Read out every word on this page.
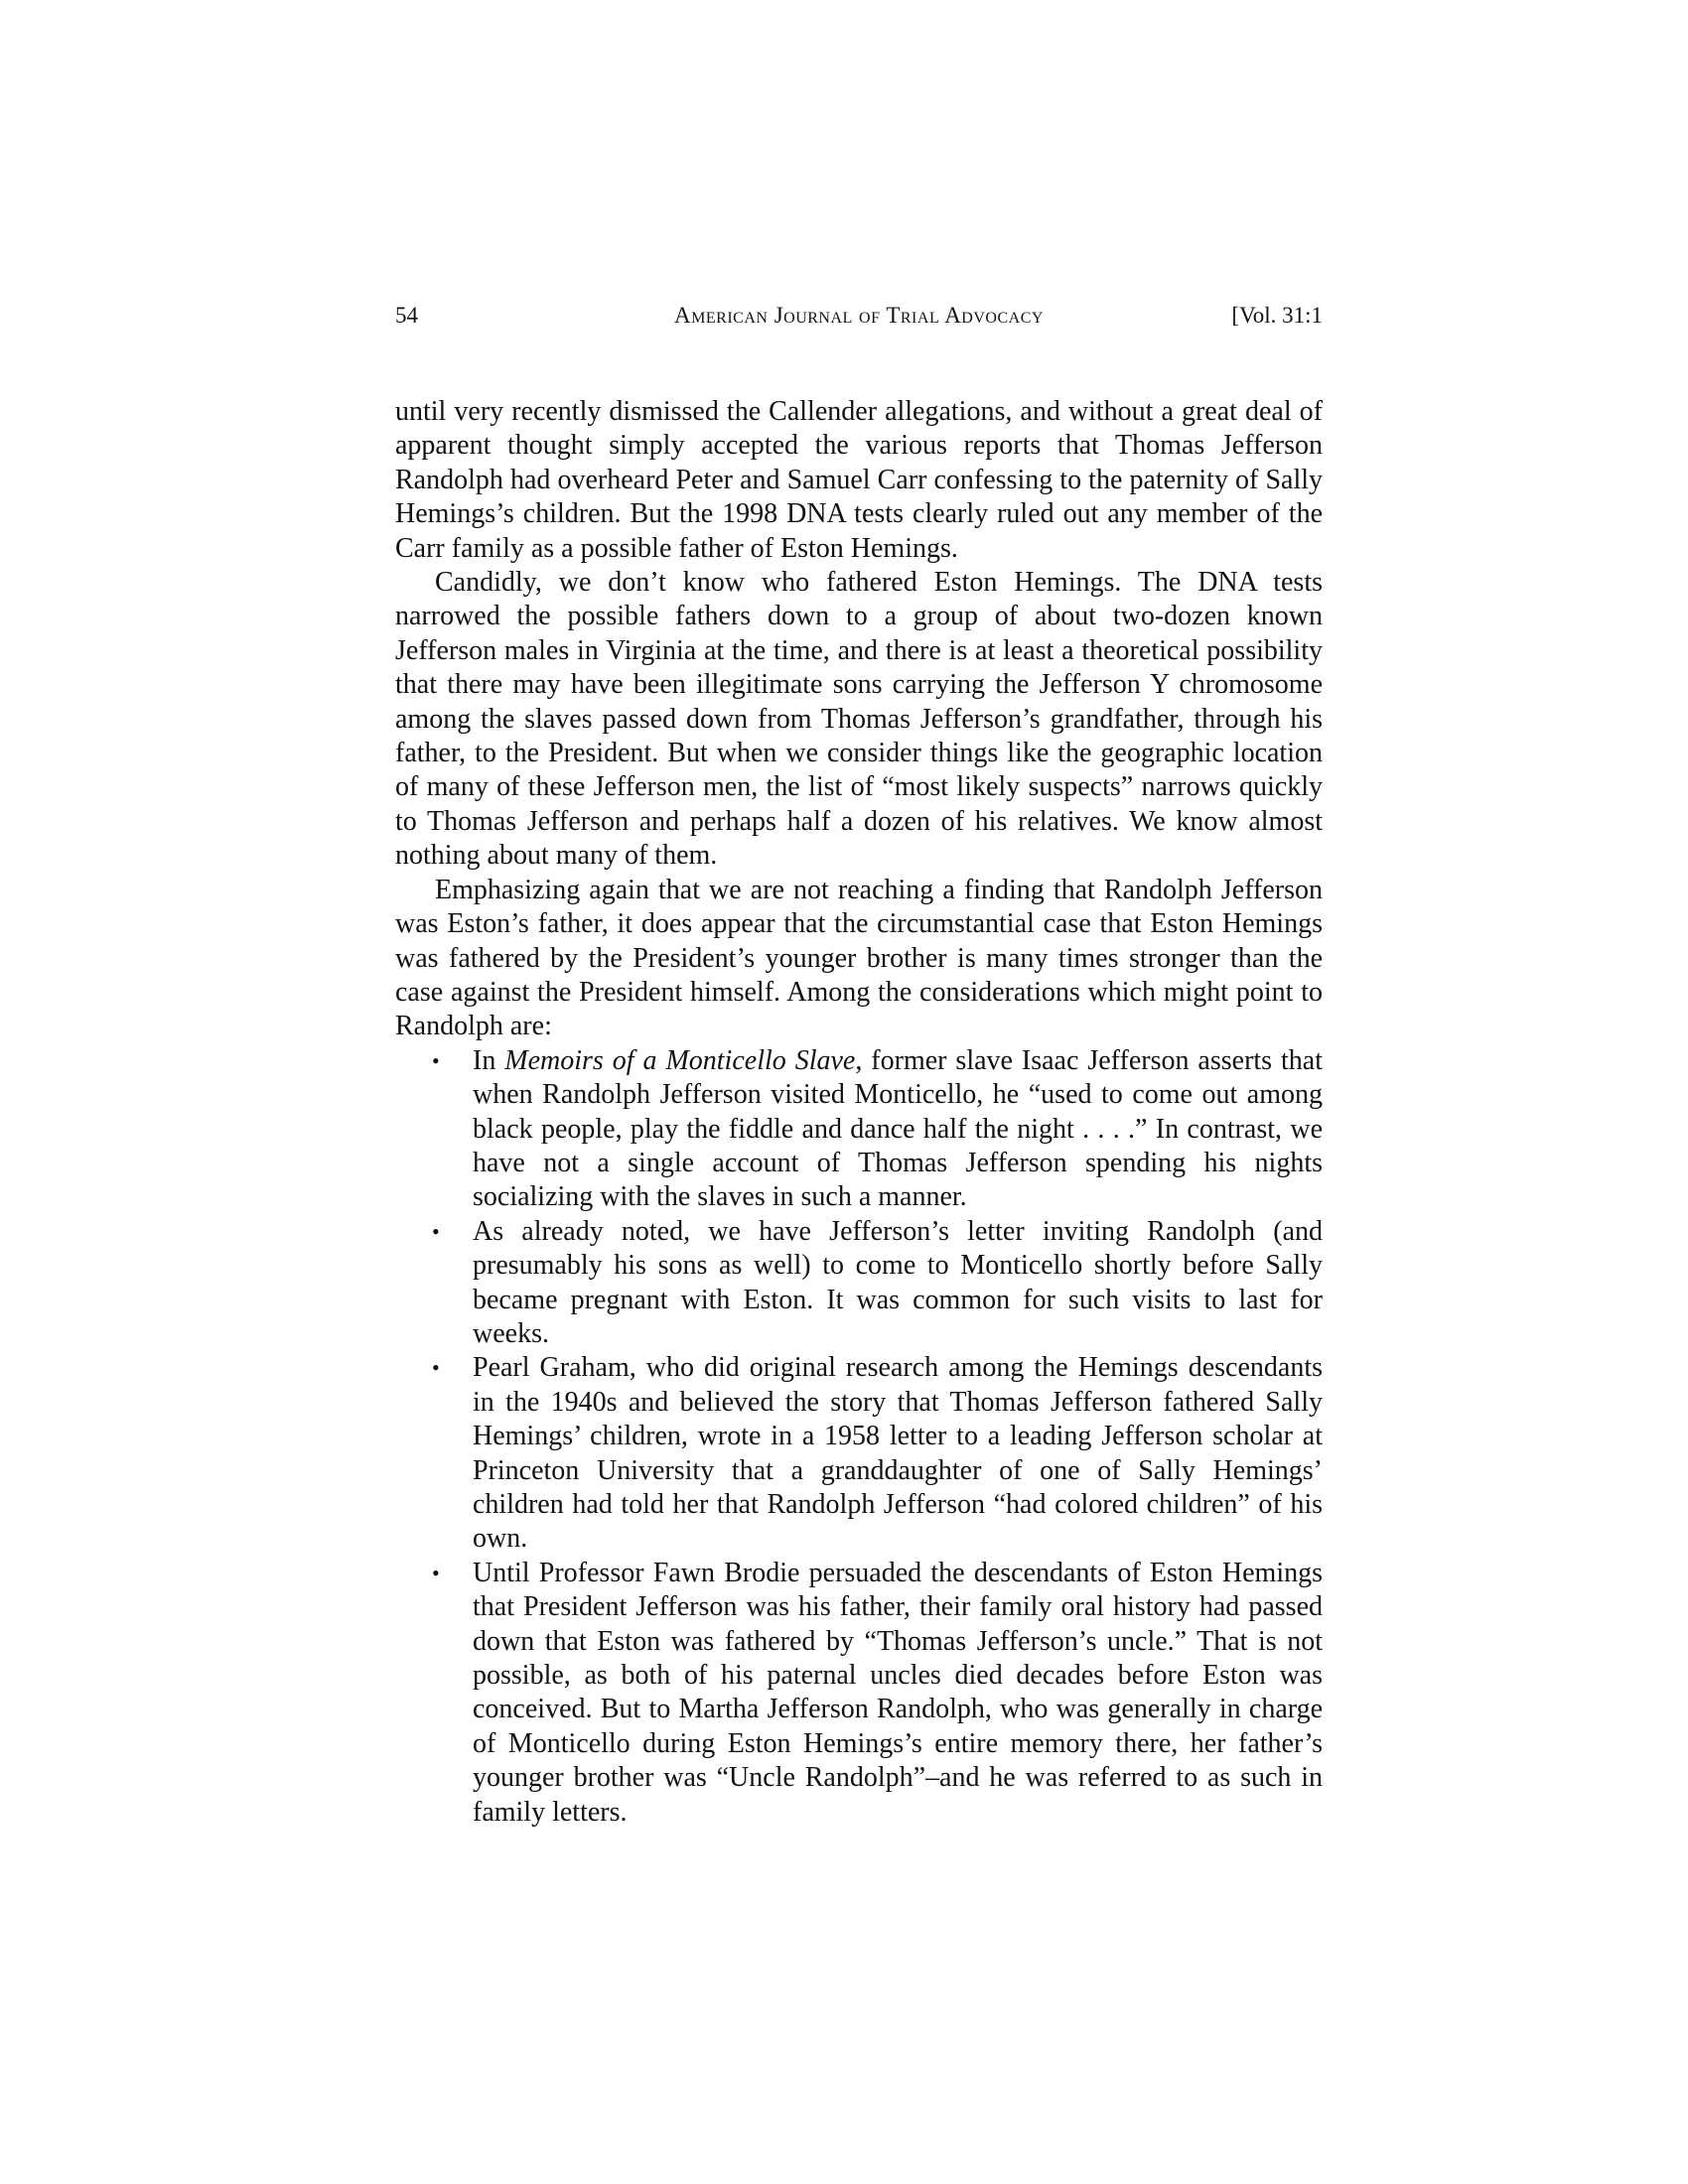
54	American Journal of Trial Advocacy	[Vol. 31:1

until very recently dismissed the Callender allegations, and without a great deal of apparent thought simply accepted the various reports that Thomas Jefferson Randolph had overheard Peter and Samuel Carr confessing to the paternity of Sally Hemings’s children. But the 1998 DNA tests clearly ruled out any member of the Carr family as a possible father of Eston Hemings.

Candidly, we don’t know who fathered Eston Hemings. The DNA tests narrowed the possible fathers down to a group of about two-dozen known Jefferson males in Virginia at the time, and there is at least a theoretical possibility that there may have been illegitimate sons carrying the Jefferson Y chromosome among the slaves passed down from Thomas Jefferson’s grandfather, through his father, to the President. But when we consider things like the geographic location of many of these Jefferson men, the list of “most likely suspects” narrows quickly to Thomas Jefferson and perhaps half a dozen of his relatives. We know almost nothing about many of them.

Emphasizing again that we are not reaching a finding that Randolph Jefferson was Eston’s father, it does appear that the circumstantial case that Eston Hemings was fathered by the President’s younger brother is many times stronger than the case against the President himself. Among the considerations which might point to Randolph are:

• In Memoirs of a Monticello Slave, former slave Isaac Jefferson asserts that when Randolph Jefferson visited Monticello, he “used to come out among black people, play the fiddle and dance half the night . . . .” In contrast, we have not a single account of Thomas Jefferson spending his nights socializing with the slaves in such a manner.
• As already noted, we have Jefferson’s letter inviting Randolph (and presumably his sons as well) to come to Monticello shortly before Sally became pregnant with Eston. It was common for such visits to last for weeks.
• Pearl Graham, who did original research among the Hemings descendants in the 1940s and believed the story that Thomas Jefferson fathered Sally Hemings’ children, wrote in a 1958 letter to a leading Jefferson scholar at Princeton University that a granddaughter of one of Sally Hemings’ children had told her that Randolph Jefferson “had colored children” of his own.
• Until Professor Fawn Brodie persuaded the descendants of Eston Hemings that President Jefferson was his father, their family oral history had passed down that Eston was fathered by “Thomas Jefferson’s uncle.” That is not possible, as both of his paternal uncles died decades before Eston was conceived. But to Martha Jefferson Randolph, who was generally in charge of Monticello during Eston Hemings’s entire memory there, her father’s younger brother was “Uncle Randolph”–and he was referred to as such in family letters.
